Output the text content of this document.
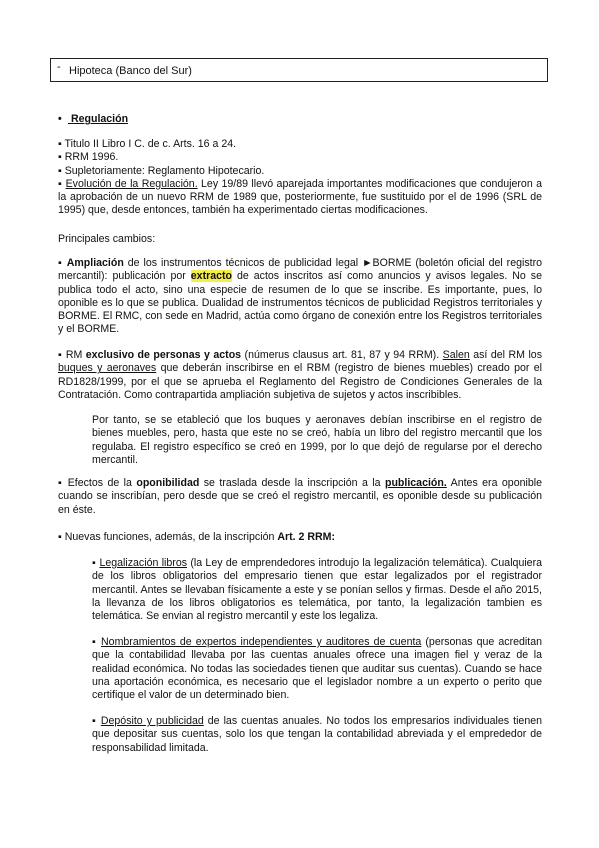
- Hipoteca (Banco del Sur)
• Regulación
▪ Titulo II Libro I C. de c. Arts. 16 a 24.
▪ RRM 1996.
▪ Supletoriamente: Reglamento Hipotecario.
▪ Evolución de la Regulación. Ley 19/89 llevó aparejada importantes modificaciones que condujeron a la aprobación de un nuevo RRM de 1989 que, posteriormente, fue sustituido por el de 1996 (SRL de 1995) que, desde entonces, también ha experimentado ciertas modificaciones.
Principales cambios:
▪ Ampliación de los instrumentos técnicos de publicidad legal ►BORME (boletón oficial del registro mercantil): publicación por extracto de actos inscritos así como anuncios y avisos legales. No se publica todo el acto, sino una especie de resumen de lo que se inscribe. Es importante, pues, lo oponible es lo que se publica. Dualidad de instrumentos técnicos de publicidad Registros territoriales y BORME. El RMC, con sede en Madrid, actúa como órgano de conexión entre los Registros territoriales y el BORME.
▪ RM exclusivo de personas y actos (númerus clausus art. 81, 87 y 94 RRM). Salen así del RM los buques y aeronaves que deberán inscribirse en el RBM (registro de bienes muebles) creado por el RD1828/1999, por el que se aprueba el Reglamento del Registro de Condiciones Generales de la Contratación. Como contrapartida ampliación subjetiva de sujetos y actos inscribibles.
Por tanto, se se etableció que los buques y aeronaves debían inscribirse en el registro de bienes muebles, pero, hasta que este no se creó, había un libro del registro mercantil que los regulaba. El registro específico se creó en 1999, por lo que dejó de regularse por el derecho mercantil.
▪ Efectos de la oponibilidad se traslada desde la inscripción a la publicación. Antes era oponible cuando se inscribían, pero desde que se creó el registro mercantil, es oponible desde su publicación en éste.
▪ Nuevas funciones, además, de la inscripción Art. 2 RRM:
▪ Legalización libros (la Ley de emprendedores introdujo la legalización telemática). Cualquiera de los libros obligatorios del empresario tienen que estar legalizados por el registrador mercantil. Antes se llevaban físicamente a este y se ponían sellos y firmas. Desde el año 2015, la llevanza de los libros obligatorios es telemática, por tanto, la legalización tambien es telemática. Se envian al registro mercantil y este los legaliza.
▪ Nombramientos de expertos independientes y auditores de cuenta (personas que acreditan que la contabilidad llevaba por las cuentas anuales ofrece una imagen fiel y veraz de la realidad económica. No todas las sociedades tienen que auditar sus cuentas). Cuando se hace una aportación económica, es necesario que el legislador nombre a un experto o perito que certifique el valor de un determinado bien.
▪ Depósito y publicidad de las cuentas anuales. No todos los empresarios individuales tienen que depositar sus cuentas, solo los que tengan la contabilidad abreviada y el emprededor de responsabilidad limitada.
